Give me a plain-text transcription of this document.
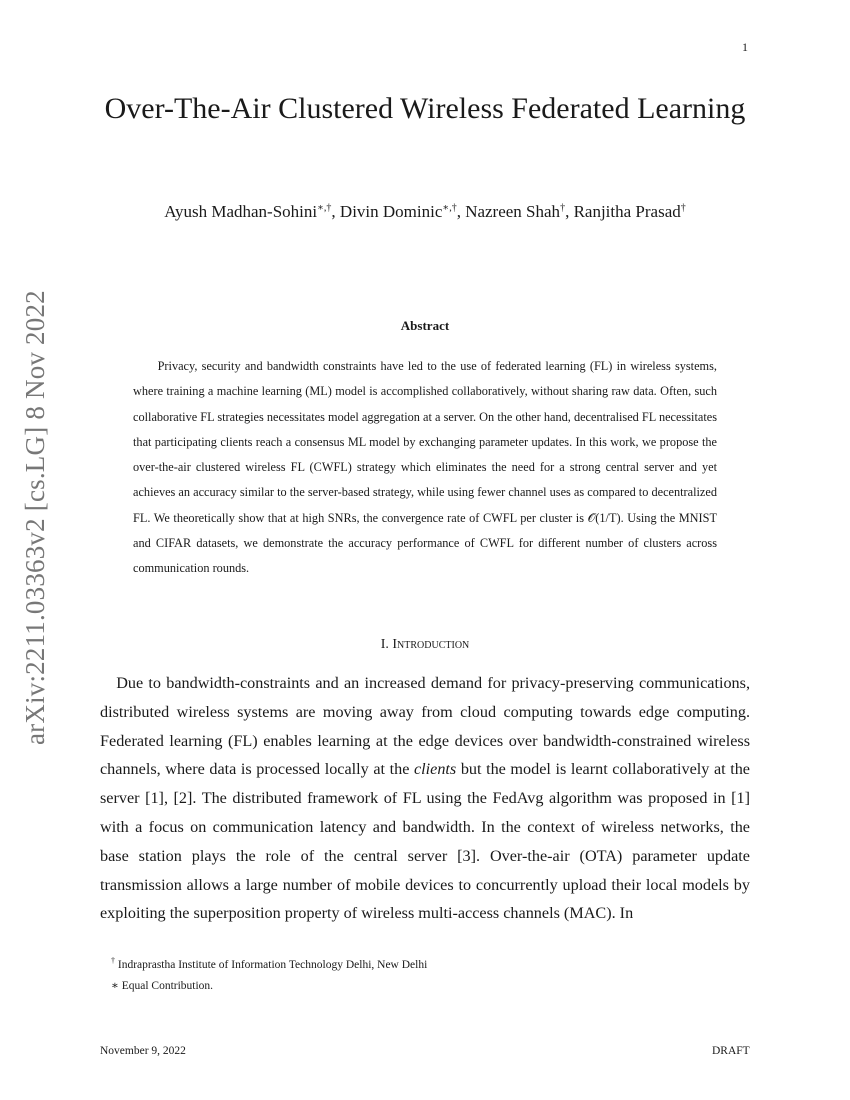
1
arXiv:2211.03363v2 [cs.LG] 8 Nov 2022
Over-The-Air Clustered Wireless Federated Learning
Ayush Madhan-Sohini∗,†, Divin Dominic∗,†, Nazreen Shah†, Ranjitha Prasad†
Abstract

Privacy, security and bandwidth constraints have led to the use of federated learning (FL) in wireless systems, where training a machine learning (ML) model is accomplished collaboratively, without sharing raw data. Often, such collaborative FL strategies necessitates model aggregation at a server. On the other hand, decentralised FL necessitates that participating clients reach a consensus ML model by exchanging parameter updates. In this work, we propose the over-the-air clustered wireless FL (CWFL) strategy which eliminates the need for a strong central server and yet achieves an accuracy similar to the server-based strategy, while using fewer channel uses as compared to decentralized FL. We theoretically show that at high SNRs, the convergence rate of CWFL per cluster is 𝒪(1/T). Using the MNIST and CIFAR datasets, we demonstrate the accuracy performance of CWFL for different number of clusters across communication rounds.

I. Introduction

Due to bandwidth-constraints and an increased demand for privacy-preserving communications, distributed wireless systems are moving away from cloud computing towards edge computing. Federated learning (FL) enables learning at the edge devices over bandwidth-constrained wireless channels, where data is processed locally at the clients but the model is learnt collaboratively at the server [1], [2]. The distributed framework of FL using the FedAvg algorithm was proposed in [1] with a focus on communication latency and bandwidth. In the context of wireless networks, the base station plays the role of the central server [3]. Over-the-air (OTA) parameter update transmission allows a large number of mobile devices to concurrently upload their local models by exploiting the superposition property of wireless multi-access channels (MAC). In

† Indraprastha Institute of Information Technology Delhi, New Delhi
∗ Equal Contribution.
November 9, 2022	DRAFT
